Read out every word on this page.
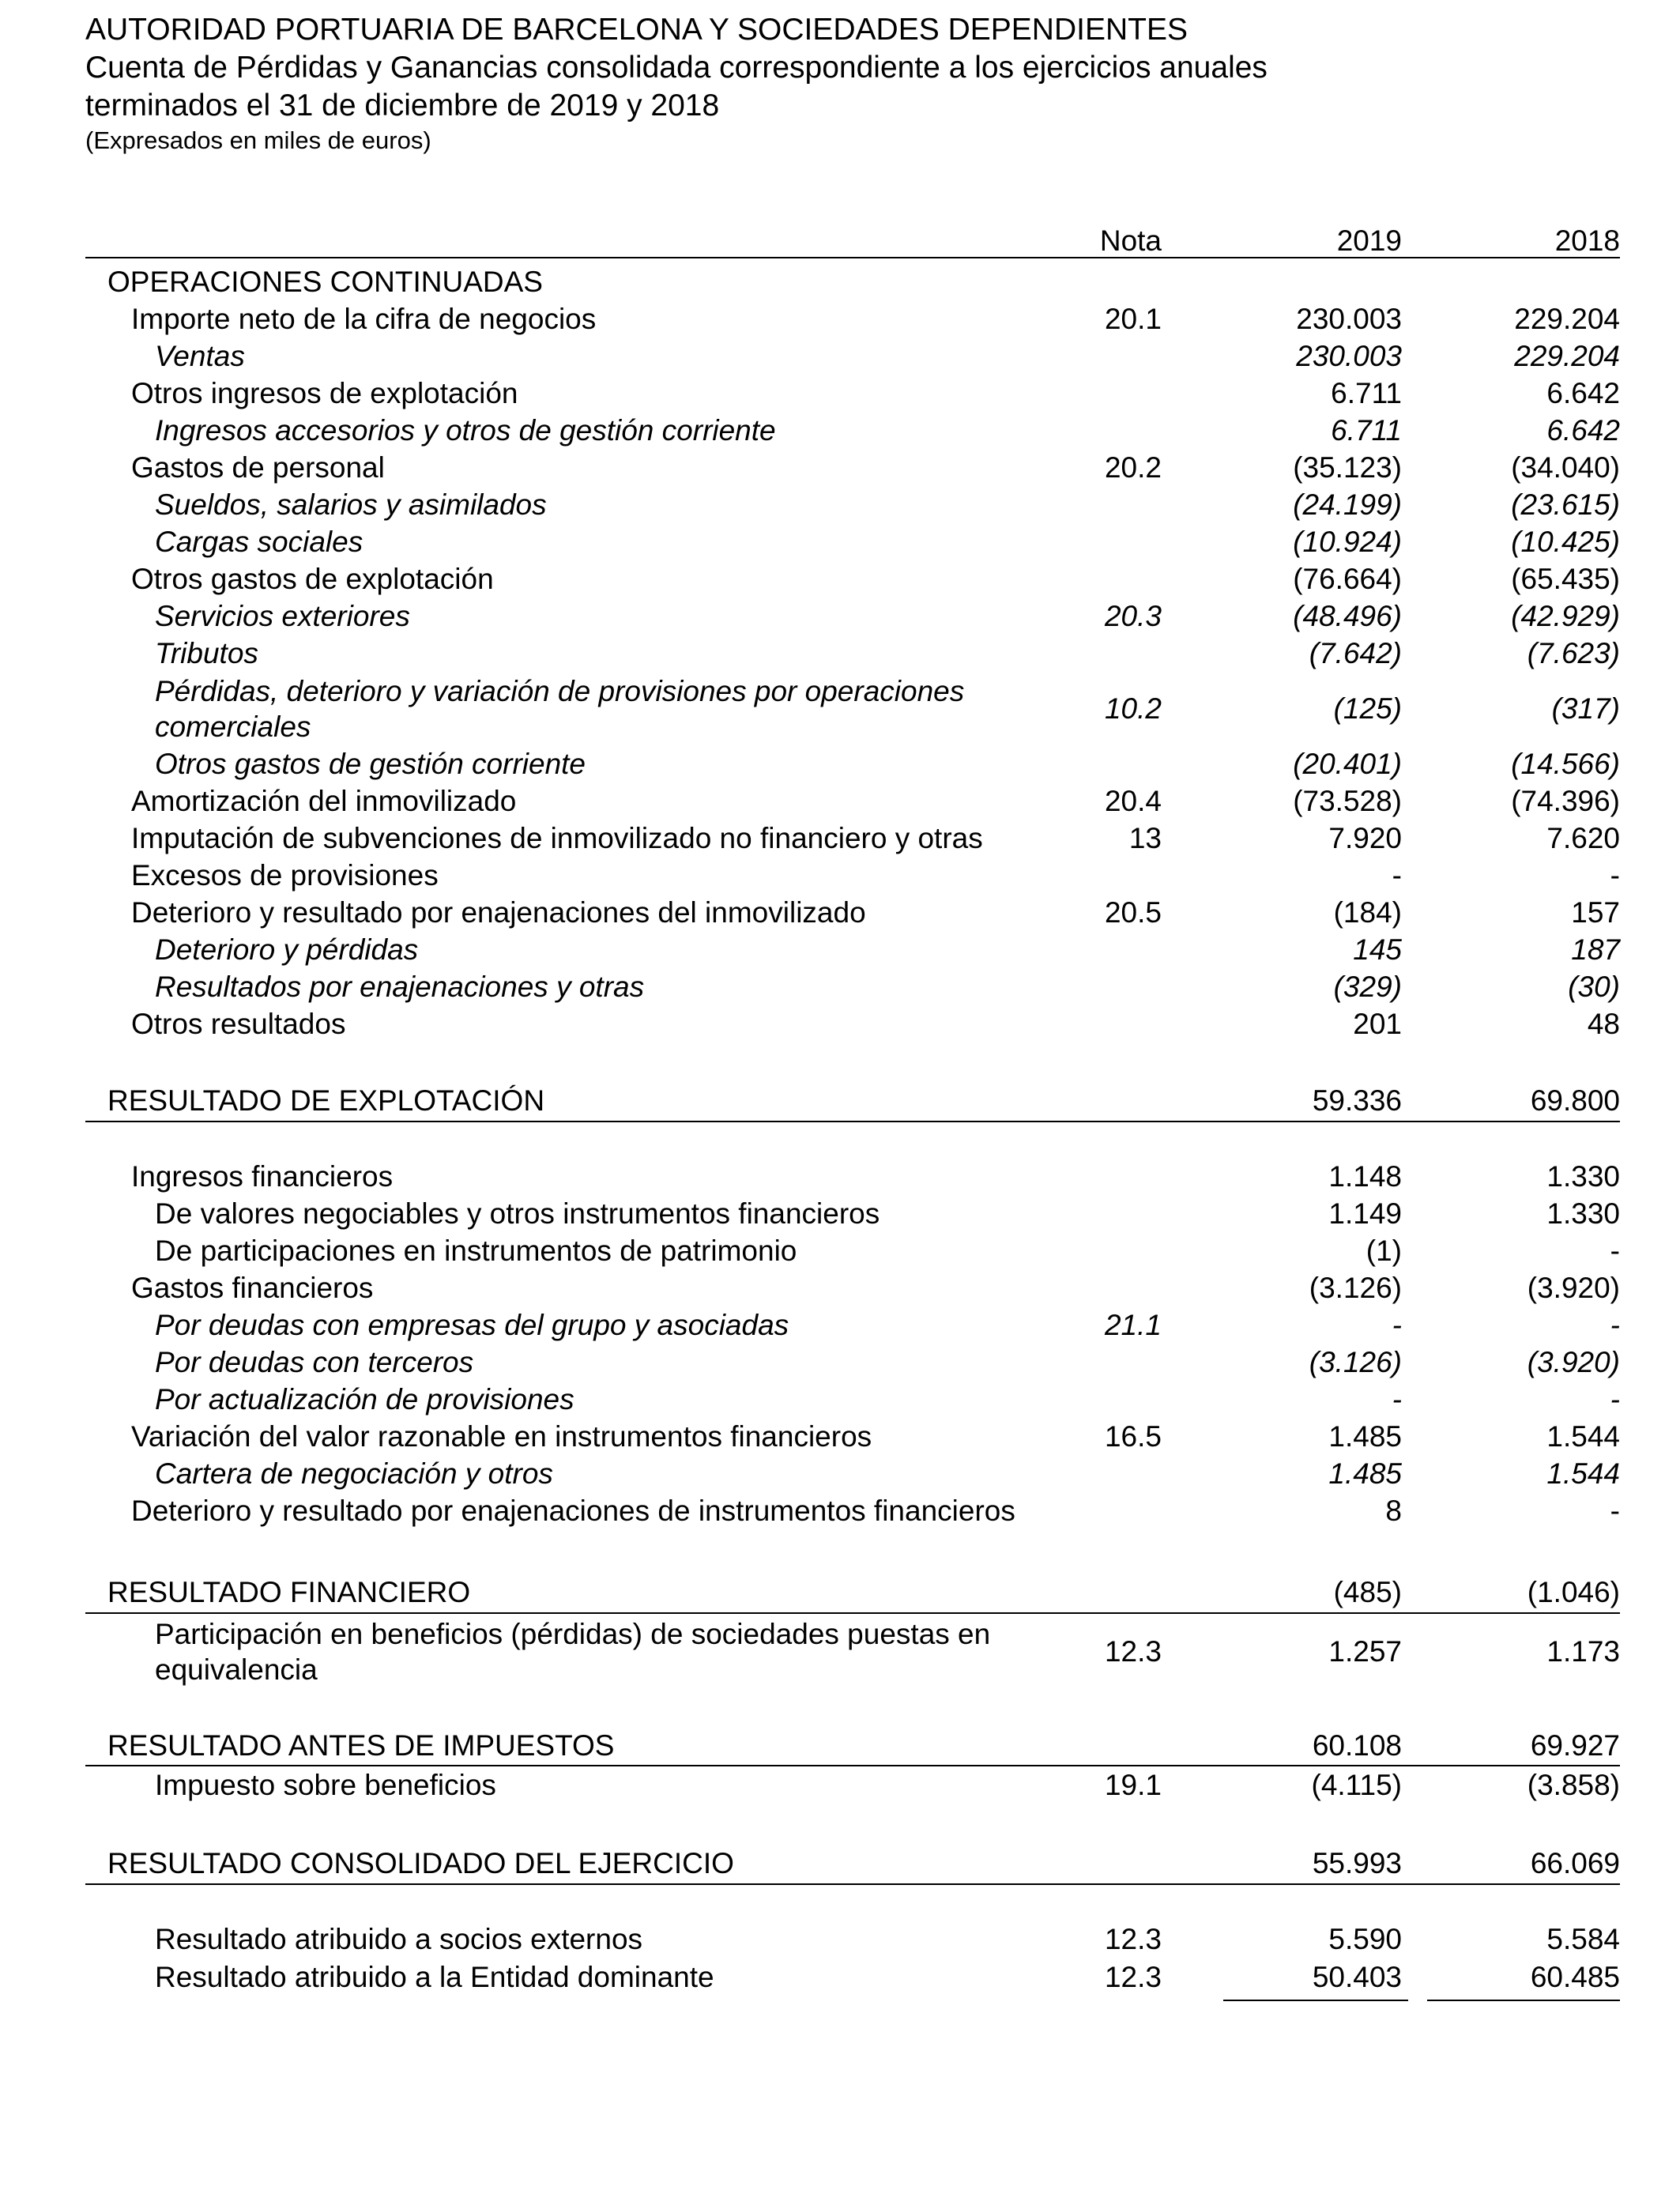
AUTORIDAD PORTUARIA DE BARCELONA Y SOCIEDADES DEPENDIENTES
Cuenta de Pérdidas y Ganancias consolidada correspondiente a los ejercicios anuales
terminados el 31 de diciembre de 2019 y 2018
(Expresados en miles de euros)
Nota	2019	2018
OPERACIONES CONTINUADAS
Importe neto de la cifra de negocios	20.1	230.003	229.204
Ventas	230.003	229.204
Otros ingresos de explotación	6.711	6.642
Ingresos accesorios y otros de gestión corriente	6.711	6.642
Gastos de personal	20.2	(35.123)	(34.040)
Sueldos, salarios y asimilados	(24.199)	(23.615)
Cargas sociales	(10.924)	(10.425)
Otros gastos de explotación	(76.664)	(65.435)
Servicios exteriores	20.3	(48.496)	(42.929)
Tributos	(7.642)	(7.623)
Pérdidas, deterioro y variación de provisiones por operaciones comerciales
10.2	(125)	(317)
Otros gastos de gestión corriente	(20.401)	(14.566)
Amortización del inmovilizado	20.4	(73.528)	(74.396)
Imputación de subvenciones de inmovilizado no financiero y otras	13	7.920	7.620
Excesos de provisiones	-	-
Deterioro y resultado por enajenaciones del inmovilizado	20.5	(184)	157
Deterioro y pérdidas	145	187
Resultados por enajenaciones y otras	(329)	(30)
Otros resultados	201	48
RESULTADO DE EXPLOTACIÓN	59.336	69.800
Ingresos financieros	1.148	1.330
De valores negociables y otros instrumentos financieros	1.149	1.330
De participaciones en instrumentos de patrimonio	(1)	-
Gastos financieros	(3.126)	(3.920)
Por deudas con empresas del grupo y asociadas	21.1	-	-
Por deudas con terceros	(3.126)	(3.920)
Por actualización de provisiones	-	-
Variación del valor razonable en instrumentos financieros	16.5	1.485	1.544
Cartera de negociación y otros	1.485	1.544
Deterioro y resultado por enajenaciones de instrumentos financieros	8	-
RESULTADO FINANCIERO	(485)	(1.046)
Participación en beneficios (pérdidas) de sociedades puestas en equivalencia
12.3	1.257	1.173
RESULTADO ANTES DE IMPUESTOS	60.108	69.927
Impuesto sobre beneficios	19.1	(4.115)	(3.858)
RESULTADO CONSOLIDADO DEL EJERCICIO	55.993	66.069
Resultado atribuido a socios externos	12.3	5.590	5.584
Resultado atribuido a la Entidad dominante	12.3	50.403	60.485
